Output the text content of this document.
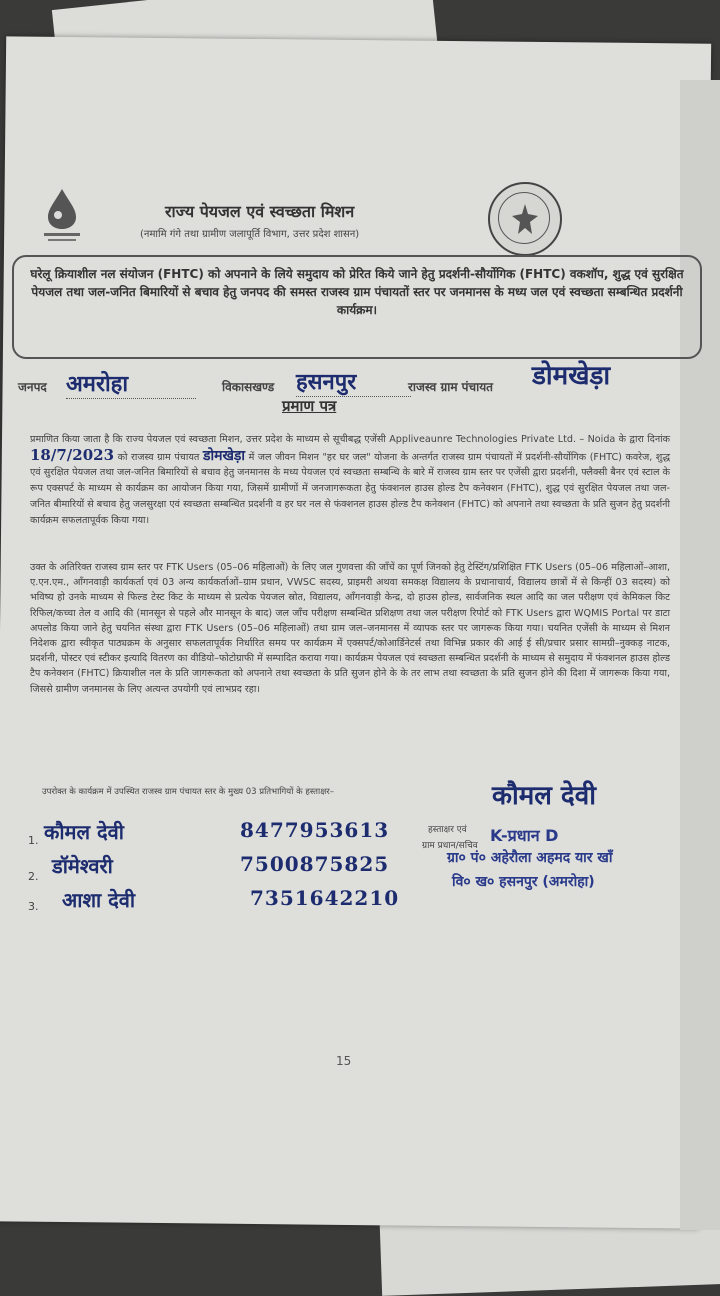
राज्य पेयजल एवं स्वच्छता मिशन
(नमामि गंगे तथा ग्रामीण जलापूर्ति विभाग, उत्तर प्रदेश शासन)
घरेलू क्रियाशील नल संयोजन (FHTC) को अपनाने के लिये समुदाय को प्रेरित किये जाने हेतु प्रदर्शनी-सौर्योगिक (FHTC) वकशॉप, शुद्ध एवं सुरक्षित पेयजल तथा जल-जनित बिमारियों से बचाव हेतु जनपद की समस्त राजस्व ग्राम पंचायतों स्तर पर जनमानस के मध्य जल एवं स्वच्छता सम्बन्धित प्रदर्शनी कार्यक्रम।
जनपद अमरोहा	विकासखण्ड हसनपुर	राजस्व ग्राम पंचायत डोमखेड़ा
प्रमाण पत्र
प्रमाणित किया जाता है कि राज्य पेयजल एवं स्वच्छता मिशन, उत्तर प्रदेश के माध्यम से सूचीबद्ध एजेंसी Appliveaunre Technologies Private Ltd. – Noida के द्वारा दिनांक 18/7/2023 को राजस्व ग्राम पंचायत डोमखेड़ा में जल जीवन मिशन "हर घर जल" योजना के अन्तर्गत राजस्व ग्राम पंचायतों में प्रदर्शनी-सौर्योगिक (FHTC) कवरेज, शुद्ध एवं सुरक्षित पेयजल तथा जल-जनित बिमारियों से बचाव हेतु जनमानस के मध्य पेयजल एवं स्वच्छता सम्बन्धि के बारे में राजस्व ग्राम स्तर पर एजेंसी द्वारा प्रदर्शनी, फ्लैक्सी बैनर एवं स्टाल के रूप एक्सपर्ट के माध्यम से कार्यक्रम का आयोजन किया गया, जिसमें ग्रामीणों में जनजागरूकता हेतु फंक्शनल हाउस होल्ड टैप कनेक्शन (FHTC), शुद्ध एवं सुरक्षित पेयजल तथा जल-जनित बीमारियों से बचाव हेतु जलसुरक्षा एवं स्वच्छता सम्बन्धित प्रदर्शनी व हर घर नल से फंक्शनल हाउस होल्ड टैप कनेक्शन (FHTC) को अपनाने तथा स्वच्छता के प्रति सुजन हेतु प्रदर्शनी कार्यक्रम सफलतापूर्वक किया गया।
उक्त के अतिरिक्त राजस्व ग्राम स्तर पर FTK Users (05–06 महिलाओं) के लिए जल गुणवत्ता की जाँचें का पूर्ण जिनको हेतु टेस्टिंग/प्रशिक्षित FTK Users (05–06 महिलाओं–आशा, ए.एन.एम., आँगनवाड़ी कार्यकर्ता एवं 03 अन्य कार्यकर्ताओं–ग्राम प्रधान, VWSC सदस्य, प्राइमरी अथवा समकक्ष विद्यालय के प्रधानाचार्य, विद्यालय छात्रों में से किन्हीं 03 सदस्य) को भविष्य हो उनके माध्यम से फिल्ड टेस्ट किट के माध्यम से प्रत्येक पेयजल स्रोत, विद्यालय, आँगनवाड़ी केन्द्र, दो हाउस होल्ड, सार्वजनिक स्थल आदि का जल परीक्षण एवं केमिकल किट रिफिल/कच्चा तेल व आदि की (मानसून से पहले और मानसून के बाद) जल जाँच परीक्षण सम्बन्धित प्रशिक्षण तथा जल परीक्षण रिपोर्ट को FTK Users द्वारा WQMIS Portal पर डाटा अपलोड किया जाने हेतु चयनित संस्था द्वारा FTK Users (05–06 महिलाओं) तथा ग्राम जल–जनमानस में व्यापक स्तर पर जागरूक किया गया। चयनित एजेंसी के माध्यम से मिशन निदेशक द्वारा स्वीकृत पाठ्यक्रम के अनुसार सफलतापूर्वक निर्धारित समय पर कार्यक्रम में एक्सपर्ट/कोआर्डिनेटर्स तथा विभिन्न प्रकार की आई ई सी/प्रचार प्रसार सामग्री–नुक्कड़ नाटक, प्रदर्शनी, पोस्टर एवं स्टीकर इत्यादि वितरण का वीडियो–फोटोग्राफी में सम्पादित कराया गया। कार्यक्रम पेयजल एवं स्वच्छता सम्बन्धित प्रदर्शनी के माध्यम से समुदाय में फंक्शनल हाउस होल्ड टैप कनेक्शन (FHTC) क्रियाशील नल के प्रति जागरूकता को अपनाने तथा स्वच्छता के प्रति सुजन होने के के तर लाभ तथा स्वच्छता के प्रति सुजन होने की दिशा में जागरूक किया गया, जिससे ग्रामीण जनमानस के लिए अत्यन्त उपयोगी एवं लाभप्रद रहा।
उपरोक्त के कार्यक्रम में उपस्थित राजस्व ग्राम पंचायत स्तर के मुख्य 03 प्रतिभागियों के हस्ताक्षर–
1. कौमल देवी	8477953613
2. डॉमेश्वरी	7500875825
3. आशा देवी	7351642210
कौमल देवी
हस्ताक्षर एवं
ग्राम प्रधान/सचिव
K-प्रधान D
ग्रा० पं० अहेरौला अहमद यार खाँ
वि० ख० हसनपुर (अमरोहा)
15
